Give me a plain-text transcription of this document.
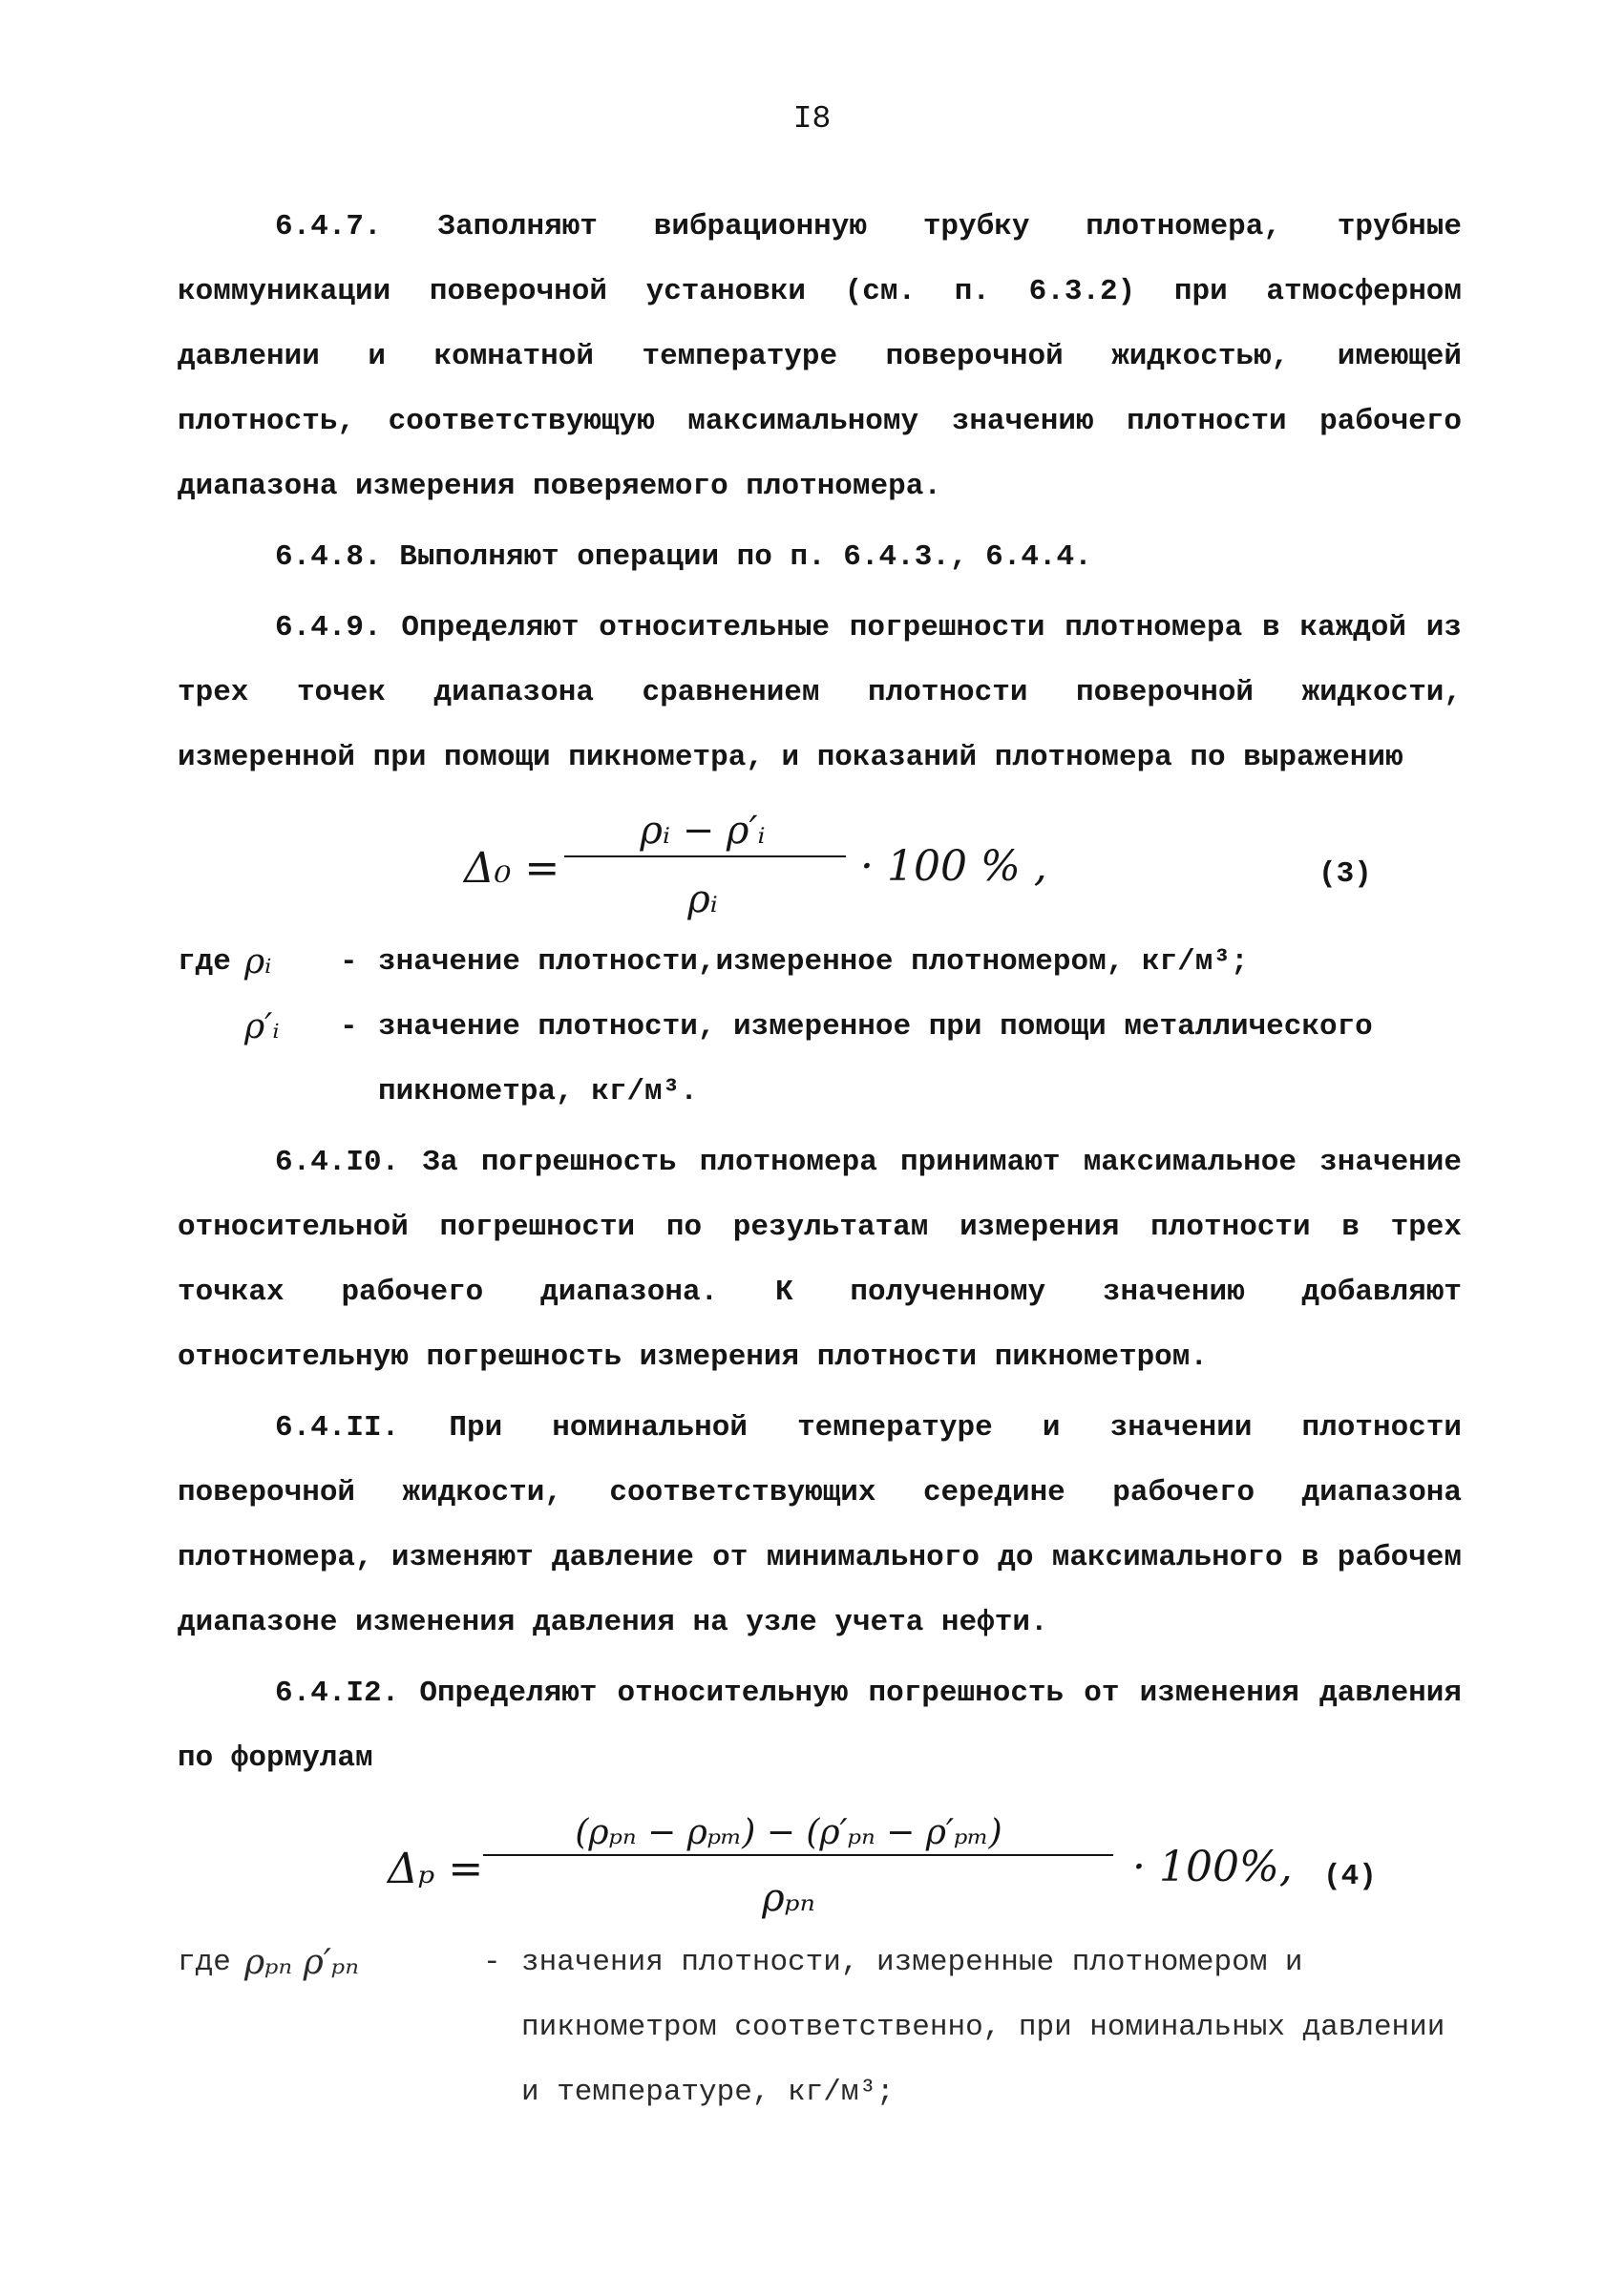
I8

6.4.7. Заполняют вибрационную трубку плотномера, трубные коммуникации поверочной установки (см. п. 6.3.2) при атмосферном давлении и комнатной температуре поверочной жидкостью, имеющей плотность, соответствующую максимальному значению плотности рабочего диапазона измерения поверяемого плотномера.

6.4.8. Выполняют операции по п. 6.4.3., 6.4.4.

6.4.9. Определяют относительные погрешности плотномера в каждой из трех точек диапазона сравнением плотности поверочной жидкости, измеренной при помощи пикнометра, и показаний плотномера по выражению

Δ₀ =
ρᵢ − ρ′ᵢ
ρᵢ
· 100 % ,	(3)
где ρᵢ	- значение плотности,измеренное плотномером, кг/м³;
ρ′ᵢ	- значение плотности, измеренное при помощи металлического пикнометра, кг/м³.

6.4.I0. За погрешность плотномера принимают максимальное значение относительной погрешности по результатам измерения плотности в трех точках рабочего диапазона. К полученному значению добавляют относительную погрешность измерения плотности пикнометром.

6.4.II. При номинальной температуре и значении плотности поверочной жидкости, соответствующих середине рабочего диапазона плотномера, изменяют давление от минимального до максимального в рабочем диапазоне изменения давления на узле учета нефти.

6.4.I2. Определяют относительную погрешность от изменения давления по формулам

Δₚ =
(ρₚₙ − ρₚₘ) − (ρ′ₚₙ − ρ′ₚₘ)
ρₚₙ
· 100%, (4)
где ρₚₙ ρ′ₚₙ	- значения плотности, измеренные плотномером и пикнометром соответственно, при номинальных давлении и температуре, кг/м³;
